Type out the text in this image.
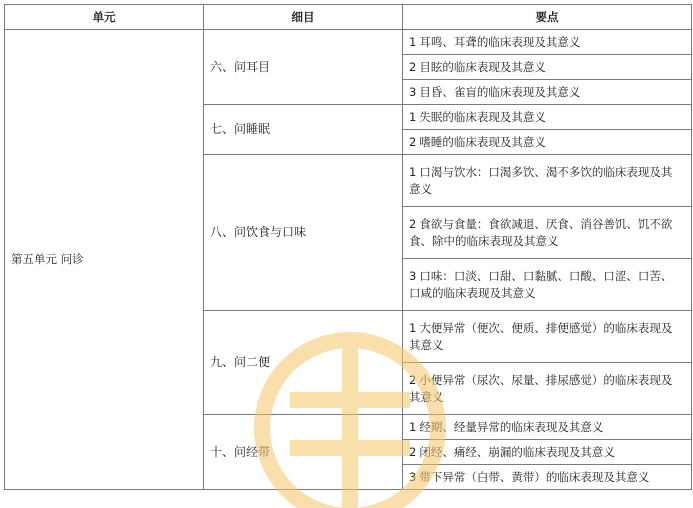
单元	细目	要点
第五单元 问诊	六、问耳目	1 耳鸣、耳聋的临床表现及其意义
		2 目眩的临床表现及其意义
		3 目昏、雀盲的临床表现及其意义
	七、问睡眠	1 失眠的临床表现及其意义
		2 嗜睡的临床表现及其意义
	八、问饮食与口味	1 口渴与饮水：口渴多饮、渴不多饮的临床表现及其意义
		2 食欲与食量：食欲减退、厌食、消谷善饥、饥不欲食、除中的临床表现及其意义
		3 口味：口淡、口甜、口黏腻、口酸、口涩、口苦、口咸的临床表现及其意义
	九、问二便	1 大便异常（便次、便质、排便感觉）的临床表现及其意义
		2 小便异常（尿次、尿量、排尿感觉）的临床表现及其意义
	十、问经带	1 经期、经量异常的临床表现及其意义
		2 闭经、痛经、崩漏的临床表现及其意义
		3 带下异常（白带、黄带）的临床表现及其意义
